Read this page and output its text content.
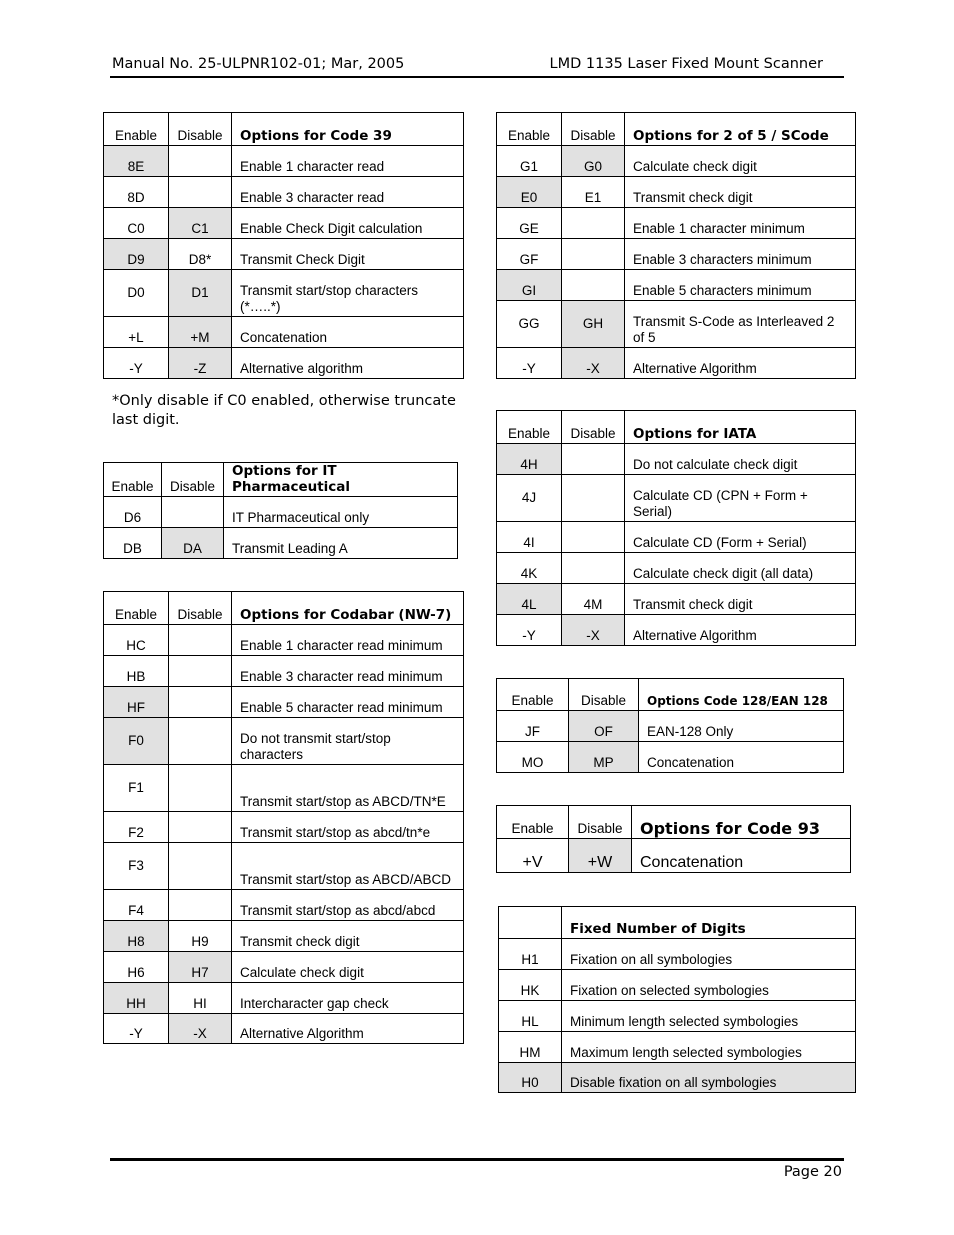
Manual No. 25-ULPNR102-01; Mar, 2005	LMD 1135 Laser Fixed Mount Scanner
Enable	Disable	Options for Code 39
8E		Enable 1 character read
8D		Enable 3 character read
C0	C1	Enable Check Digit calculation
D9	D8*	Transmit Check Digit
D0	D1	Transmit start/stop characters (*…..*)
+L	+M	Concatenation
-Y	-Z	Alternative algorithm
*Only disable if C0 enabled, otherwise truncate last digit.
Enable	Disable	Options for IT Pharmaceutical
D6		IT Pharmaceutical only
DB	DA	Transmit Leading A
Enable	Disable	Options for Codabar (NW-7)
HC		Enable 1 character read minimum
HB		Enable 3 character read minimum
HF		Enable 5 character read minimum
F0		Do not transmit start/stop characters
F1		Transmit start/stop as ABCD/TN*E
F2		Transmit start/stop as abcd/tn*e
F3		Transmit start/stop as ABCD/ABCD
F4		Transmit start/stop as abcd/abcd
H8	H9	Transmit check digit
H6	H7	Calculate check digit
HH	HI	Intercharacter gap check
-Y	-X	Alternative Algorithm
Enable	Disable	Options for 2 of 5 / SCode
G1	G0	Calculate check digit
E0	E1	Transmit check digit
GE		Enable 1 character minimum
GF		Enable 3 characters minimum
GI		Enable 5 characters minimum
GG	GH	Transmit S-Code as Interleaved 2 of 5
-Y	-X	Alternative Algorithm
Enable	Disable	Options for IATA
4H		Do not calculate check digit
4J		Calculate CD (CPN + Form + Serial)
4I		Calculate CD (Form + Serial)
4K		Calculate check digit (all data)
4L	4M	Transmit check digit
-Y	-X	Alternative Algorithm
Enable	Disable	Options Code 128/EAN 128
JF	OF	EAN-128 Only
MO	MP	Concatenation
Enable	Disable	Options for Code 93
+V	+W	Concatenation
	Fixed Number of Digits
H1	Fixation on all symbologies
HK	Fixation on selected symbologies
HL	Minimum length selected symbologies
HM	Maximum length selected symbologies
H0	Disable fixation on all symbologies
Page 20
